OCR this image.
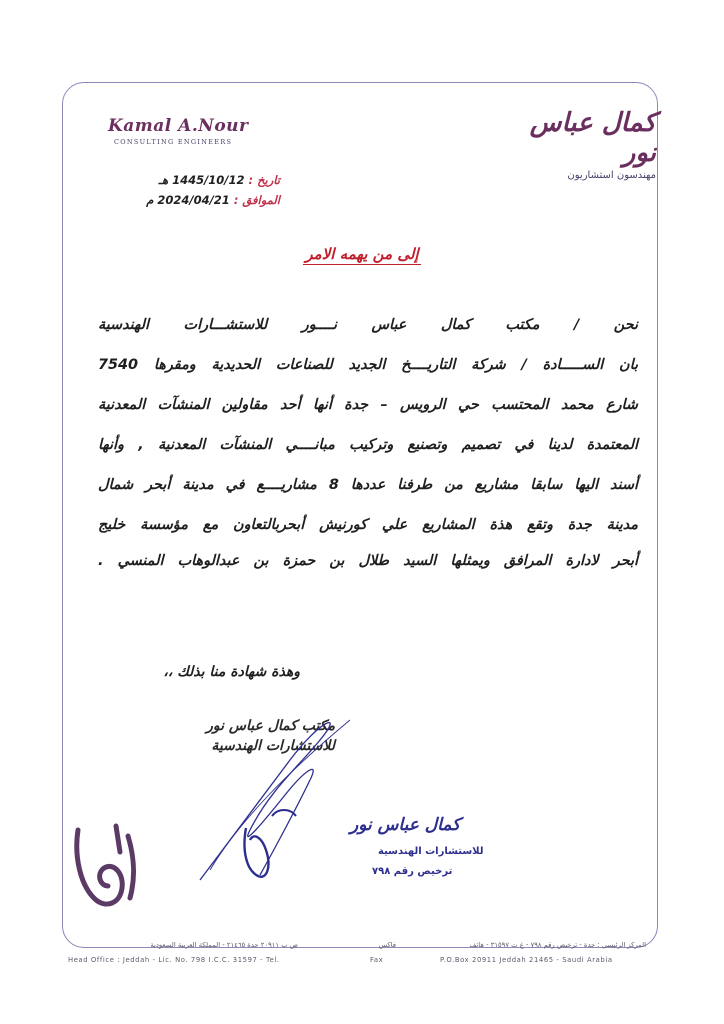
Kamal A.Nour
CONSULTING ENGINEERS
كمال عباس نور
مهندسون استشاريون
تاريخ : 1445/10/12 هـ
الموافق : 2024/04/21 م
إلى من يهمه الامر
نحن / مكتب كمال عباس نــــور للاستشـــارات الهندسية
بان الســـــادة / شركة التاريــــخ الجديد للصناعات الحديدية ومقرها 7540
شارع محمد المحتسب حي الرويس – جدة أنها أحد مقاولين المنشآت المعدنية
المعتمدة لدينا في تصميم وتصنيع وتركيب مبانــــي المنشآت المعدنية , وأنها
أسند اليها سابقا مشاريع من طرفنا عددها 8 مشاريــــع في مدينة أبحر شمال
مدينة جدة وتقع هذة المشاريع علي كورنيش أبحربالتعاون مع مؤسسة خليج
أبحر لادارة المرافق ويمثلها السيد طلال بن حمزة بن عبدالوهاب المنسي .
وهذة شهادة منا بذلك ،،
مكتب كمال عباس نور
للاستشارات الهندسية
كمال عباس نور
للاستشارات الهندسية
ترخيص رقم ٧٩٨
المركز الرئيسي : جدة - ترخيص رقم ٧٩٨ - غ ت ٣١٥٩٧ - هاتف
فاكس
ص ب ٢٠٩١١ جدة ٢١٤٦٥ - المملكة العربية السعودية
Head Office : Jeddah - Lic. No. 798 I.C.C. 31597 - Tel.	Fax	P.O.Box 20911 Jeddah 21465 - Saudi Arabia
